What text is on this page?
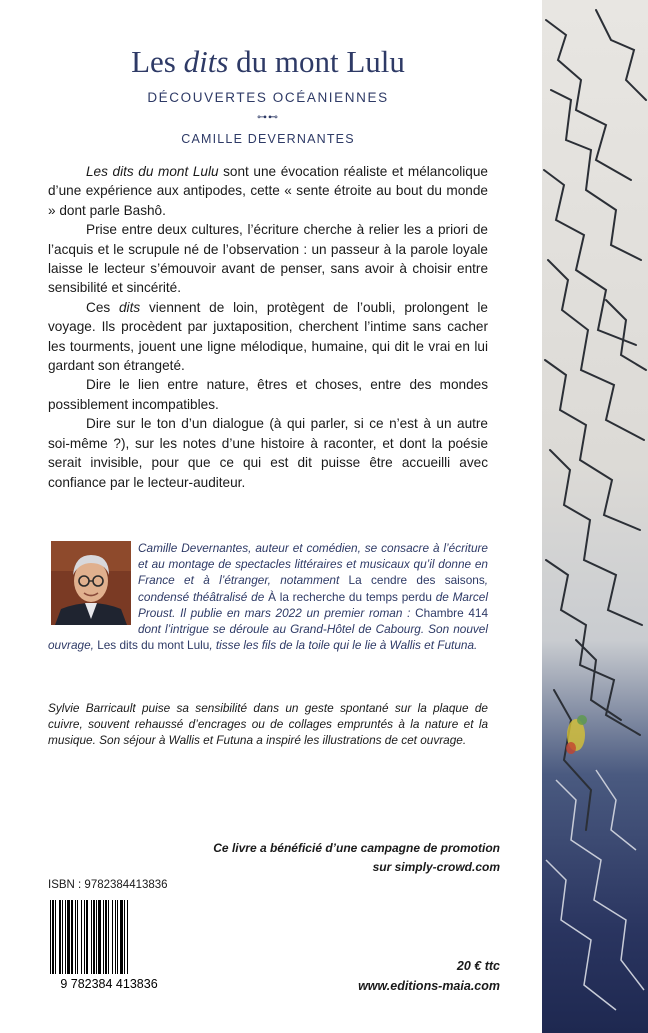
Les dits du mont Lulu
DÉCOUVERTES OCÉANIENNES
⊶⊷
CAMILLE DEVERNANTES

Les dits du mont Lulu sont une évocation réaliste et mélancolique d’une expérience aux antipodes, cette « sente étroite au bout du monde » dont parle Bashô.

Prise entre deux cultures, l’écriture cherche à relier les a priori de l’acquis et le scrupule né de l’observation : un passeur à la parole loyale laisse le lecteur s’émouvoir avant de penser, sans avoir à choisir entre sensibilité et sincérité.

Ces dits viennent de loin, protègent de l’oubli, prolongent le voyage. Ils procèdent par juxtaposition, cherchent l’intime sans cacher les tourments, jouent une ligne mélodique, humaine, qui dit le vrai en lui gardant son étrangeté.

Dire le lien entre nature, êtres et choses, entre des mondes possiblement incompatibles.

Dire sur le ton d’un dialogue (à qui parler, si ce n’est à un autre soi-même ?), sur les notes d’une histoire à raconter, et dont la poésie serait invisible, pour que ce qui est dit puisse être accueilli avec confiance par le lecteur-auditeur.

Camille Devernantes, auteur et comédien, se consacre à l’écriture et au montage de spectacles littéraires et musicaux qu’il donne en France et à l’étranger, notamment La cendre des saisons, condensé théâtralisé de À la recherche du temps perdu de Marcel Proust. Il publie en mars 2022 un premier roman : Chambre 414 dont l’intrigue se déroule au Grand-Hôtel de Cabourg. Son nouvel ouvrage, Les dits du mont Lulu, tisse les fils de la toile qui le lie à Wallis et Futuna.
Sylvie Barricault puise sa sensibilité dans un geste spontané sur la plaque de cuivre, souvent rehaussé d’encrages ou de collages empruntés à la nature et la musique. Son séjour à Wallis et Futuna a inspiré les illustrations de cet ouvrage.
Ce livre a bénéficié d’une campagne de promotion
sur simply-crowd.com
ISBN : 9782384413836
9 782384 413836
20 € ttc
www.editions-maia.com
